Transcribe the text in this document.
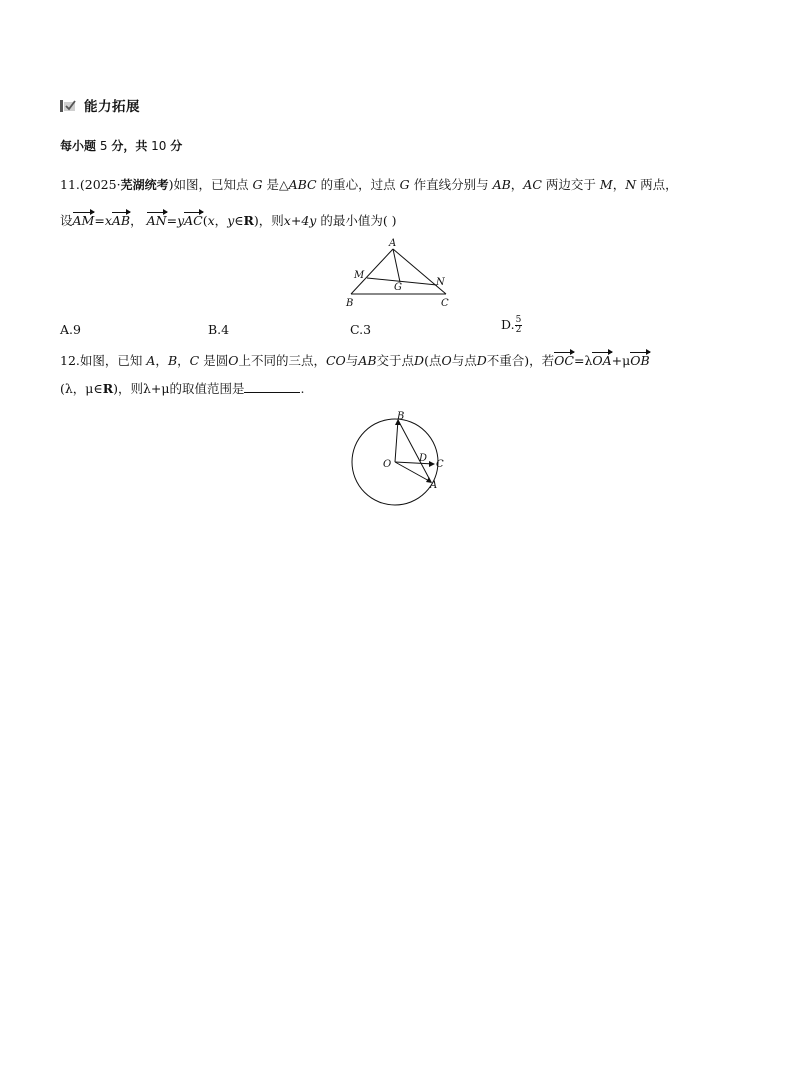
能力拓展
每小题 5 分，共 10 分
11.(2025·芜湖统考)如图，已知点 G 是△ABC 的重心，过点 G 作直线分别与 AB，AC 两边交于 M，N 两点，
设AM=xAB， AN=yAC(x，y∈R)，则x+4y 的最小值为( )
A
M
N
G
B	C
A.9	B.4	C.3	D. $\frac{5}{2}$
12.如图，已知 A，B，C 是圆O上不同的三点，CO与AB交于点D(点O与点D不重合)，若OC=λOA+μOB
(λ，μ∈R)，则λ+μ的取值范围是	.
B
O
D
C
A
